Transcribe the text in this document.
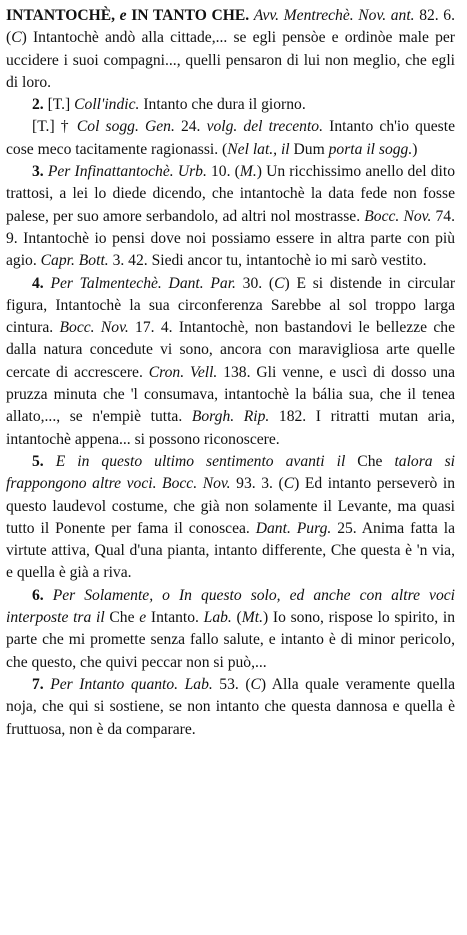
INTANTOCHÈ, e IN TANTO CHE. Avv. Mentrechè. Nov. ant. 82. 6. (C) Intantochè andò alla cittade,... se egli pensòe e ordinòe male per uccidere i suoi compagni..., quelli pensaron di lui non meglio, che egli di loro.

2. [T.] Coll'indic. Intanto che dura il giorno.

[T.] † Col sogg. Gen. 24. volg. del trecento. Intanto ch'io queste cose meco tacitamente ragionassi. (Nel lat., il Dum porta il sogg.)

3. Per Infinattantochè. Urb. 10. (M.) Un ricchissimo anello del dito trattosi, a lei lo diede dicendo, che intantochè la data fede non fosse palese, per suo amore serbandolo, ad altri nol mostrasse. Bocc. Nov. 74. 9. Intantochè io pensi dove noi possiamo essere in altra parte con più agio. Capr. Bott. 3. 42. Siedi ancor tu, intantochè io mi sarò vestito.

4. Per Talmentechè. Dant. Par. 30. (C) E si distende in circular figura, Intantochè la sua circonferenza Sarebbe al sol troppo larga cintura. Bocc. Nov. 17. 4. Intantochè, non bastandovi le bellezze che dalla natura concedute vi sono, ancora con maravigliosa arte quelle cercate di accrescere. Cron. Vell. 138. Gli venne, e uscì di dosso una pruzza minuta che 'l consumava, intantochè la bália sua, che il tenea allato,..., se n'empiè tutta. Borgh. Rip. 182. I ritratti mutan aria, intantochè appena... si possono riconoscere.

5. E in questo ultimo sentimento avanti il Che talora si frappongono altre voci. Bocc. Nov. 93. 3. (C) Ed intanto perseverò in questo laudevol costume, che già non solamente il Levante, ma quasi tutto il Ponente per fama il conoscea. Dant. Purg. 25. Anima fatta la virtute attiva, Qual d'una pianta, intanto differente, Che questa è 'n via, e quella è già a riva.

6. Per Solamente, o In questo solo, ed anche con altre voci interposte tra il Che e Intanto. Lab. (Mt.) Io sono, rispose lo spirito, in parte che mi promette senza fallo salute, e intanto è di minor pericolo, che questo, che quivi peccar non si può,...

7. Per Intanto quanto. Lab. 53. (C) Alla quale veramente quella noja, che qui si sostiene, se non intanto che questa dannosa e quella è fruttuosa, non è da comparare.
